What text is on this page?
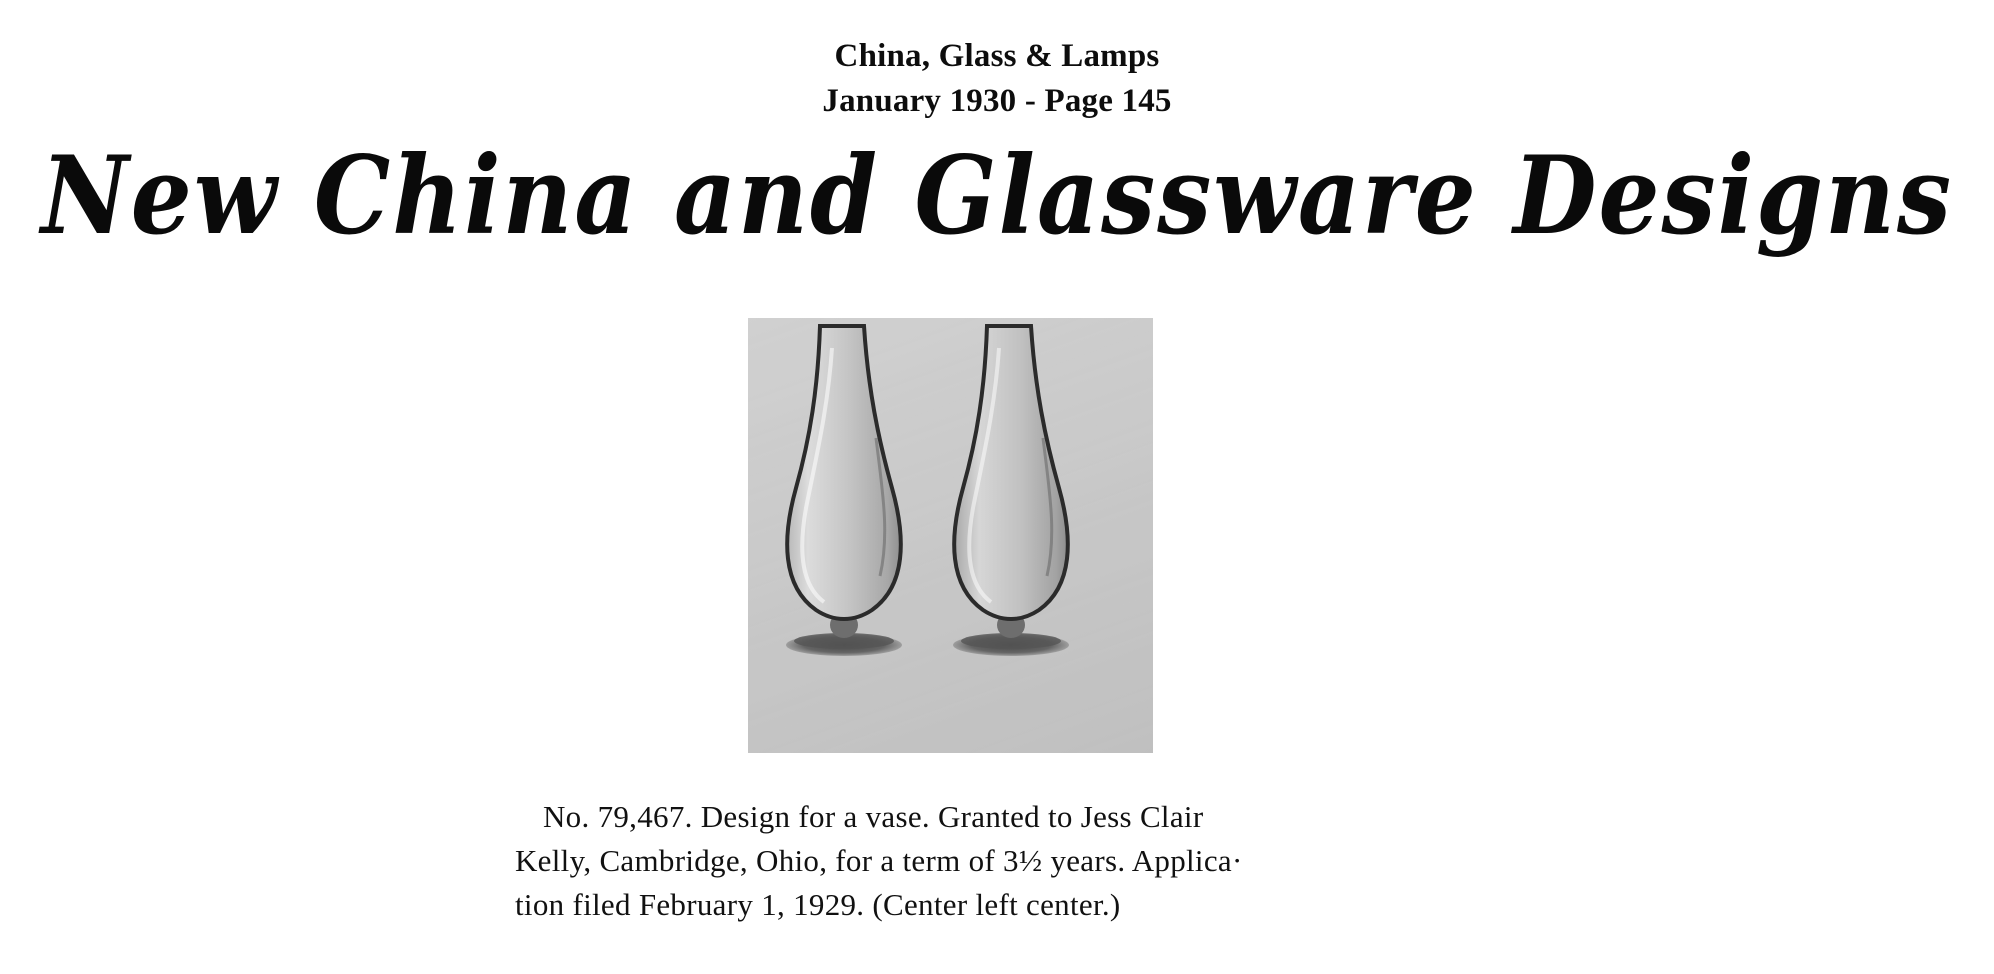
China, Glass & Lamps
January 1930 - Page 145
New China and Glassware Designs

No. 79,467. Design for a vase. Granted to Jess Clair

Kelly, Cambridge, Ohio, for a term of 3½ years. Applica·

tion filed February 1, 1929. (Center left center.)
